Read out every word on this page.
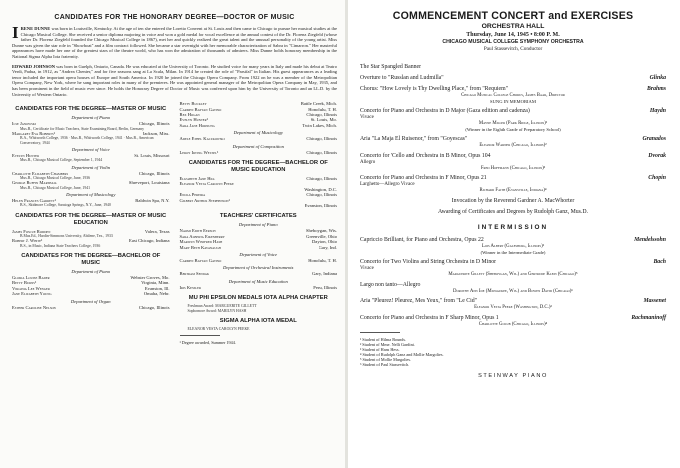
CANDIDATES FOR THE HONORARY DEGREE—DOCTOR OF MUSIC

IRENE DUNNE was born in Louisville, Kentucky. At the age of ten she entered the Loretto Convent at St. Louis and then came to Chicago to pursue her musical studies at the Chicago Musical College. She received a senior diploma majoring in voice and won a gold medal for vocal excellence at the annual contest of the Dr. Florenz Ziegfeld (whose father Dr. Florenz Ziegfeld founded the Chicago Musical College in 1867), met her and quickly realized the great talent and the unusual personality of the young artist. Miss Dunne was given the star role in "Showboat" and a film contract followed. She became a star overnight with her memorable characterization of Sabra in "Cimarron." Her masterful appearances have made her one of the greatest stars of the theatre world, who has won the admiration of thousands of admirers. Miss Dunne holds honorary membership in the National Sigma Alpha Iota fraternity.

EDWARD JOHNSON was born in Guelph, Ontario, Canada. He was educated at the University of Toronto. He studied voice for many years in Italy and made his debut at Teatro Verdi, Padua, in 1912, as "Andrea Chenier," and for five seasons sang at La Scala, Milan. In 1914 he created the role of "Parsifal" in Italian. His guest appearances as a leading tenor included the important opera houses of Europe and South America. In 1920 he joined the Chicago Opera Company. From 1922 on he was a member of the Metropolitan Opera Company, New York, where he sang important roles in many of the premieres. He was appointed general manager of the Metropolitan Opera Company in May, 1935, and has been prominent in the field of music ever since. He holds the Honorary Degree of Doctor of Music was conferred upon him by the University of Toronto and an LL.D. by the University of Western Ontario.

CANDIDATES FOR THE DEGREE—MASTER OF MUSIC
Department of Piano
Ilse Janowski	Chicago, Illinois
Mus.B., Certificate for Music Teachers, State Examining Board, Berlin, Germany
Margaret Eva Roberts¹	Jackson, Miss.
B.A., Whitworth College, 1936 · Mus.B., Whitworth College, 1941 · Mus.B., American Conservatory, 1944
Department of Voice
Evelyn Hunter	St. Louis, Missouri
Mus.B., Chicago Musical College, September 1, 1944
Department of Violin
Charlotte Elizabeth Chambers	Chicago, Illinois
Mus.B., Chicago Musical College, June, 1936
George Ruffin Marshall	Shreveport, Louisiana
Mus.B., Chicago Musical College, June, 1941
Department of Musicology
Helen Frances Garrett¹	Baldwin Spa, N.Y.
B.S., Skidmore College, Saratoga Springs, N.Y., June, 1940
CANDIDATES FOR THE DEGREE—MASTER OF MUSIC EDUCATION
James Foscue Rodden	Valera, Texas
B.Mus.Ed., Hardin-Simmons University, Abilene, Tex., 1933
Robert J. White¹	East Chicago, Indiana
B.S., in Music, Indiana State Teachers College, 1936
CANDIDATES FOR THE DEGREE—BACHELOR OF MUSIC
Department of Piano
Gloria Louise Bader	Webster Groves, Mo.
Betty Burns¹	Virginia, Minn.
Virginia Lee Wenger	Evanston, Ill.
Jane Elizabeth Young	Omaha, Nebr.
Department of Organ
Esther Caroline Nelson	Chicago, Illinois
Betty Buckley	Battle Creek, Mich.
Carmen Baytan Gavino	Honolulu, T. H.
Rex Hogan	Chicago, Illinois
Evelyn Hunter¹	St. Louis, Mo.
Sara Jane Hornung	Twin Lakes, Mich.
Department of Musicology
Adele Ethel Kaczkowski	Chicago, Illinois
Department of Composition
Leroy Irving Wetzel¹	Chicago, Illinois
CANDIDATES FOR THE DEGREE—BACHELOR OF MUSIC EDUCATION
Elizabeth Jane Hill	Chicago, Illinois
Eleanor Vesta Carolyn Peeke
Washington, D.C.
Enola Pereira	Chicago, Illinois
Gilbert Arthur Stephenson¹
Evanston, Illinois
TEACHERS' CERTIFICATES
Department of Piano
Naomi Edith Eersch	Sheboygan, Wis.
Sara Alberta Eikenberry	Greenville, Ohio
Marilyn Winifred Hash	Dayton, Ohio
Mary Beth Kavanaugh	Gary, Ind.
Department of Voice
Carmen Baytan Gavino	Honolulu, T. H.
Department of Orchestral Instruments
Bertram Sendak	Gary, Indiana
Department of Music Education
Iris Kessler	Peru, Illinois
MU PHI EPSILON MEDALS IOTA ALPHA CHAPTER
Freshman Award: MARGUERITE GILLETT
Sophomore Award: MARILYN HASH
SIGMA ALPHA IOTA MEDAL
ELEANOR VESTA CAROLYN PEEKE
¹ Degree awarded, Summer 1944.
COMMENCEMENT CONCERT and EXERCISES
ORCHESTRA HALL
Thursday, June 14, 1945 • 8:00 P. M.
CHICAGO MUSICAL COLLEGE SYMPHONY ORCHESTRA
Paul Stassevitch, Conductor
The Star Spangled Banner
Overture to "Russlan and Ludmilla"	Glinka
Chorus: "How Lovely is Thy Dwelling Place," from "Requiem"	Brahms
Chicago Musical College Chorus, James Baar, Director
SUNG IN MEMORIAM
Concerto for Piano and Orchestra in D Major (Gaza edition and cadenza)	Haydn
Vivace
Mayne Miller (Park Ridge, Illinois)¹
(Winner in the Eighth Grade of Preparatory School)
Aria "La Maja El Ruisenor," from "Goyescas"	Granados
Eleanor Warner (Chicago, Illinois)²
Concerto for 'Cello and Orchestra in B Minor, Opus 104	Dvorak
Allegro
Fred Hoffmann (Chicago, Illinois)³
Concerto for Piano and Orchestra in F Minor, Opus 21	Chopin
Larghetto—Allegro Vivace
Richard Faith (Evansville, Indiana)⁴
Invocation by the Reverend Gardner A. MacWhorter
Awarding of Certificates and Degrees by Rudolph Ganz, Mus.D.
INTERMISSION
Capriccio Brilliant, for Piano and Orchestra, Opus 22	Mendelssohn
Lois Albert (Galesburg, Illinois)¹
(Winner in the Intermediate Grade)
Concerto for Two Violins and String Orchestra in D Minor	Bach
Vivace
Marguerite Gillett (Sheboygan, Wis.) and Gertrude Klein (Chicago)⁵
Largo non tanto—Allegro
Dorothy Ann Ide (Milwaukee, Wis.) and Bowen David (Chicago)⁶
Aria "Pleurez! Pleurez, Mes Yeux," from "Le Cid"	Massenet
Eleanor Vesta Peeke (Washington, D.C.)²
Concerto for Piano and Orchestra in F Sharp Minor, Opus 1	Rachmaninoff
Charlotte Golub (Chicago, Illinois)⁴
¹ Student of Hilma Bounds.
² Student of Mme. Nelli Gardini.
³ Student of Hans Hess.
⁴ Student of Rudolph Ganz and Mollie Margolies.
⁵ Student of Mollie Margolies.
⁶ Student of Paul Stassevitch.
STEINWAY PIANO
